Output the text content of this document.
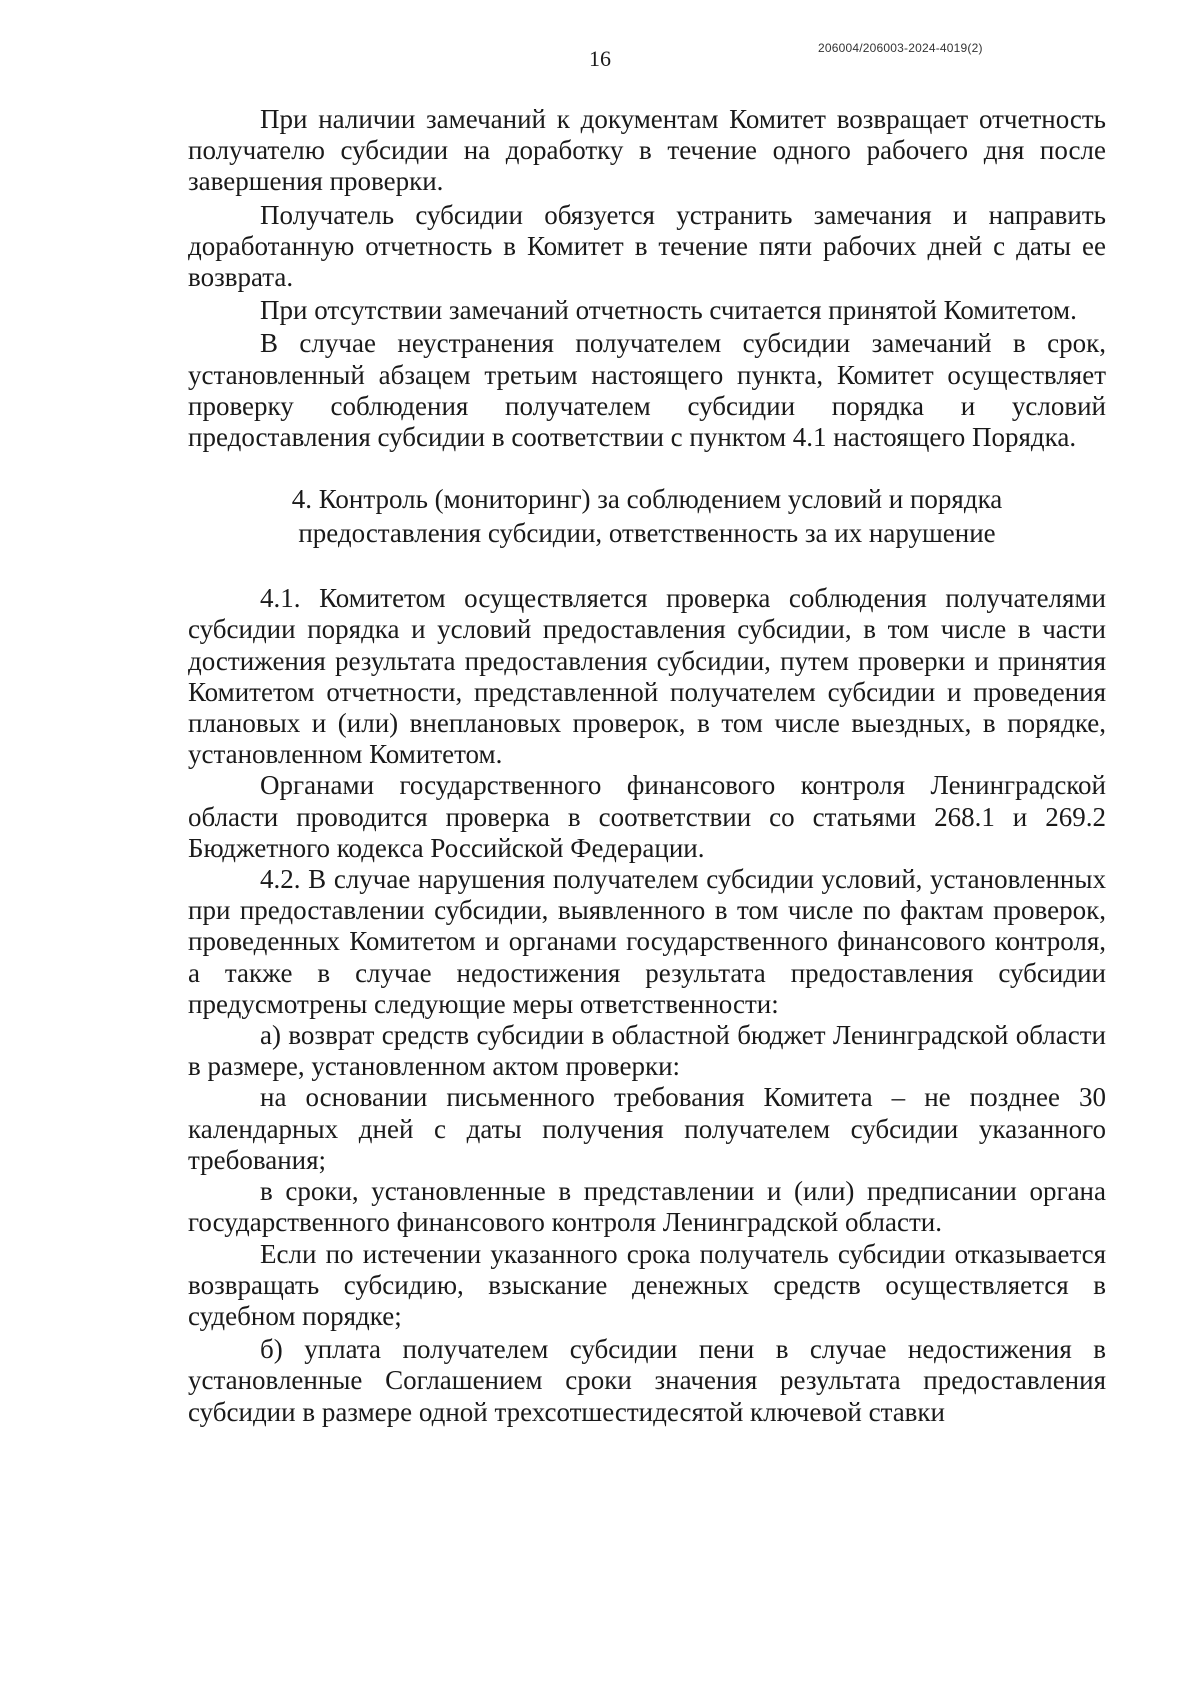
16	206004/206003-2024-4019(2)

При наличии замечаний к документам Комитет возвращает отчетность получателю субсидии на доработку в течение одного рабочего дня после завершения проверки.

Получатель субсидии обязуется устранить замечания и направить доработанную отчетность в Комитет в течение пяти рабочих дней с даты ее возврата.

При отсутствии замечаний отчетность считается принятой Комитетом.

В случае неустранения получателем субсидии замечаний в срок, установленный абзацем третьим настоящего пункта, Комитет осуществляет проверку соблюдения получателем субсидии порядка и условий предоставления субсидии в соответствии с пунктом 4.1 настоящего Порядка.

4. Контроль (мониторинг) за соблюдением условий и порядка
предоставления субсидии, ответственность за их нарушение

4.1. Комитетом осуществляется проверка соблюдения получателями субсидии порядка и условий предоставления субсидии, в том числе в части достижения результата предоставления субсидии, путем проверки и принятия Комитетом отчетности, представленной получателем субсидии и проведения плановых и (или) внеплановых проверок, в том числе выездных, в порядке, установленном Комитетом.

Органами государственного финансового контроля Ленинградской области проводится проверка в соответствии со статьями 268.1 и 269.2 Бюджетного кодекса Российской Федерации.

4.2. В случае нарушения получателем субсидии условий, установленных при предоставлении субсидии, выявленного в том числе по фактам проверок, проведенных Комитетом и органами государственного финансового контроля, а также в случае недостижения результата предоставления субсидии предусмотрены следующие меры ответственности:

а) возврат средств субсидии в областной бюджет Ленинградской области в размере, установленном актом проверки:

на основании письменного требования Комитета – не позднее 30 календарных дней с даты получения получателем субсидии указанного требования;

в сроки, установленные в представлении и (или) предписании органа государственного финансового контроля Ленинградской области.

Если по истечении указанного срока получатель субсидии отказывается возвращать субсидию, взыскание денежных средств осуществляется в судебном порядке;

б) уплата получателем субсидии пени в случае недостижения в установленные Соглашением сроки значения результата предоставления субсидии в размере одной трехсотшестидесятой ключевой ставки
